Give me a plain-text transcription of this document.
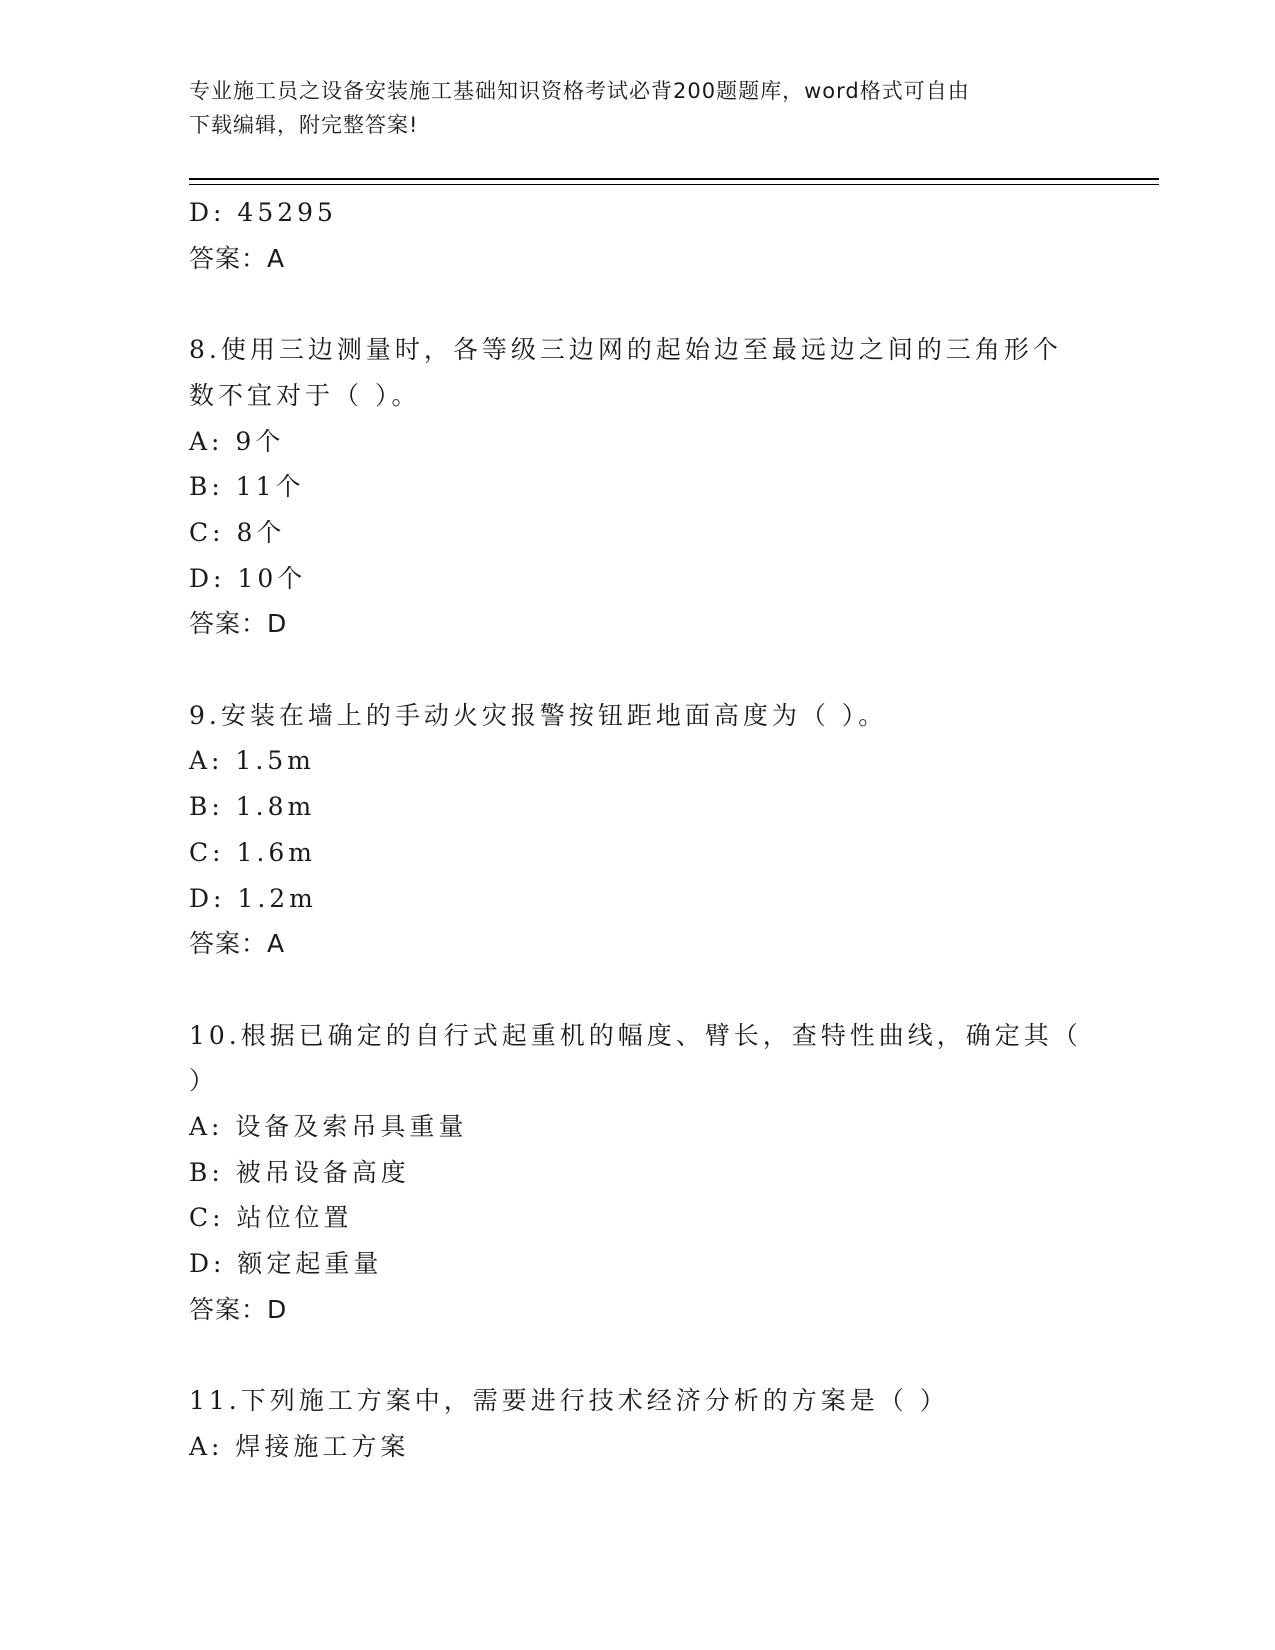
专业施工员之设备安装施工基础知识资格考试必背200题题库，word格式可自由
下载编辑，附完整答案!
D: 45295
答案：A
8.使用三边测量时，各等级三边网的起始边至最远边之间的三角形个
数不宜对于（ ）。
A: 9个
B: 11个
C: 8个
D: 10个
答案：D
9.安装在墙上的手动火灾报警按钮距地面高度为（ ）。
A: 1.5m
B: 1.8m
C: 1.6m
D: 1.2m
答案：A
10.根据已确定的自行式起重机的幅度、臂长，查特性曲线，确定其（
）
A: 设备及索吊具重量
B: 被吊设备高度
C: 站位位置
D: 额定起重量
答案：D
11.下列施工方案中，需要进行技术经济分析的方案是（ ）
A: 焊接施工方案
